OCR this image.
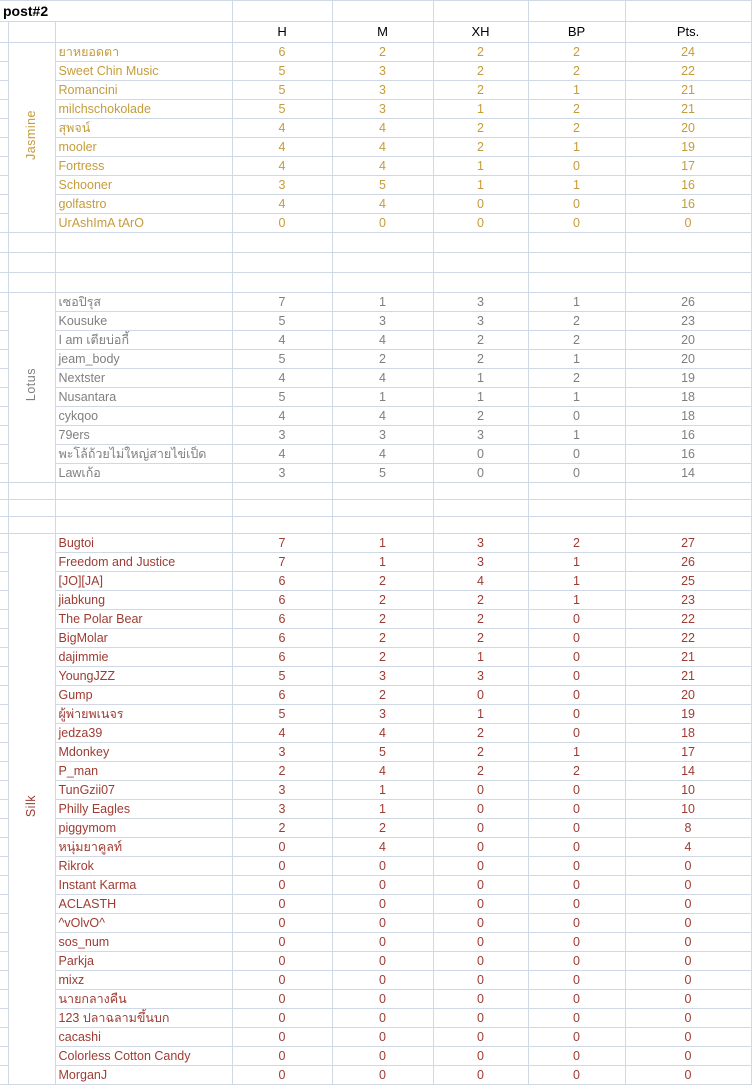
post#2							
			H	M	XH	BP	Pts.
	Jasmine	ยาหยอดตา	6	2	2	2	24
		Sweet Chin Music	5	3	2	2	22
		Romancini	5	3	2	1	21
		milchschokolade	5	3	1	2	21
		สุพจน์	4	4	2	2	20
		mooler	4	4	2	1	19
		Fortress	4	4	1	0	17
		Schooner	3	5	1	1	16
		golfastro	4	4	0	0	16
		UrAshImA tArO	0	0	0	0	0

	Lotus	เซอปิรุส	7	1	3	1	26
		Kousuke	5	3	3	2	23
		I am เตียบ่อกี้	4	4	2	2	20
		jeam_body	5	2	2	1	20
		Nextster	4	4	1	2	19
		Nusantara	5	1	1	1	18
		cykqoo	4	4	2	0	18
		79ers	3	3	3	1	16
		พะโล้ถ้วยไม่ใหญ่สายไข่เป็ด	4	4	0	0	16
		Lawเก้อ	3	5	0	0	14

	Silk	Bugtoi	7	1	3	2	27
		Freedom and Justice	7	1	3	1	26
		[JO][JA]	6	2	4	1	25
		jiabkung	6	2	2	1	23
		The Polar Bear	6	2	2	0	22
		BigMolar	6	2	2	0	22
		dajimmie	6	2	1	0	21
		YoungJZZ	5	3	3	0	21
		Gump	6	2	0	0	20
		ผู้พ่ายพเนจร	5	3	1	0	19
		jedza39	4	4	2	0	18
		Mdonkey	3	5	2	1	17
		P_man	2	4	2	2	14
		TunGzii07	3	1	0	0	10
		Philly Eagles	3	1	0	0	10
		piggymom	2	2	0	0	8
		หนุ่มยาคูลท์	0	4	0	0	4
		Rikrok	0	0	0	0	0
		Instant Karma	0	0	0	0	0
		ACLASTH	0	0	0	0	0
		^vOlvO^	0	0	0	0	0
		sos_num	0	0	0	0	0
		Parkja	0	0	0	0	0
		mixz	0	0	0	0	0
		นายกลางคืน	0	0	0	0	0
		123 ปลาฉลามขึ้นบก	0	0	0	0	0
		cacashi	0	0	0	0	0
		Colorless Cotton Candy	0	0	0	0	0
		MorganJ	0	0	0	0	0
